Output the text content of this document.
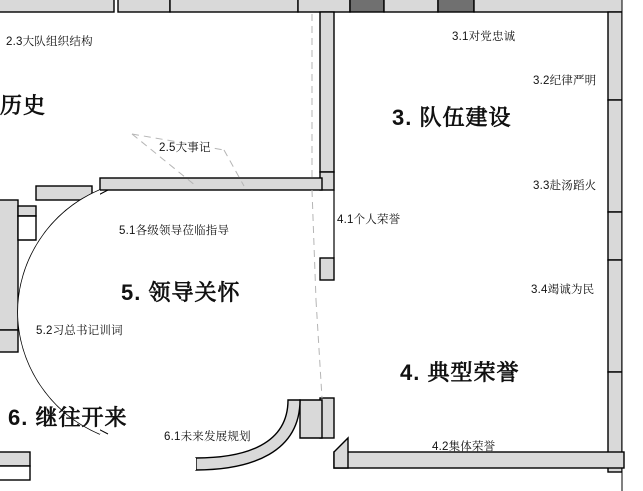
历史	3. 队伍建设
5. 领导关怀
4. 典型荣誉
6. 继往开来
2.3大队组织结构	3.1对党忠诚
3.2纪律严明
2.5大事记
3.3赴汤蹈火
4.1个人荣誉
5.1各级领导莅临指导
3.4竭诚为民
5.2习总书记训词
6.1未来发展规划
4.2集体荣誉
